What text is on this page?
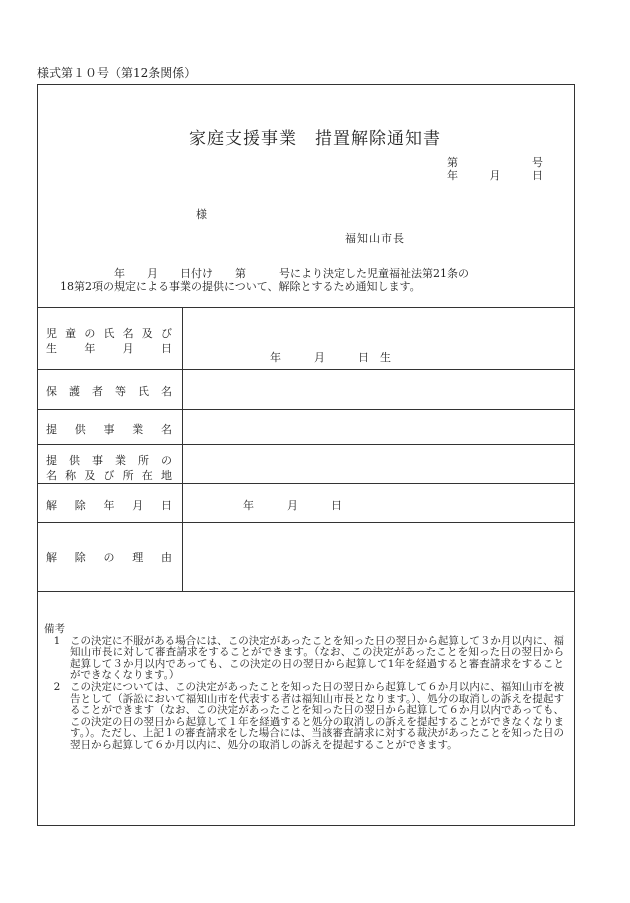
様式第１０号（第12条関係）
家庭支援事業　措置解除通知書
第	号
年	月	日
様
福知山市長
年　　月　　日付け　　第　　　号により決定した児童福祉法第21条の
18第2項の規定による事業の提供について、解除とするため通知します。
児 童 の 氏 名 及 び
生 年 月 日
年　　　月　　　日　生
保 護 者 等 氏 名
提 供 事 業 名
提 供 事 業 所 の
名 称 及 び 所 在 地
解 除 年 月 日	年　　　月　　　日
解 除 の 理 由
備考
1 この決定に不服がある場合には、この決定があったことを知った日の翌日から起算して３か月以内に、福知山市長に対して審査請求をすることができます。（なお、この決定があったことを知った日の翌日から起算して３か月以内であっても、この決定の日の翌日から起算して1年を経過すると審査請求をすることができなくなります。）
2 この決定については、この決定があったことを知った日の翌日から起算して６か月以内に、福知山市を被告として（訴訟において福知山市を代表する者は福知山市長となります。）、処分の取消しの訴えを提起することができます（なお、この決定があったことを知った日の翌日から起算して６か月以内であっても、この決定の日の翌日から起算して１年を経過すると処分の取消しの訴えを提起することができなくなります。）。ただし、上記１の審査請求をした場合には、当該審査請求に対する裁決があったことを知った日の翌日から起算して６か月以内に、処分の取消しの訴えを提起することができます。
